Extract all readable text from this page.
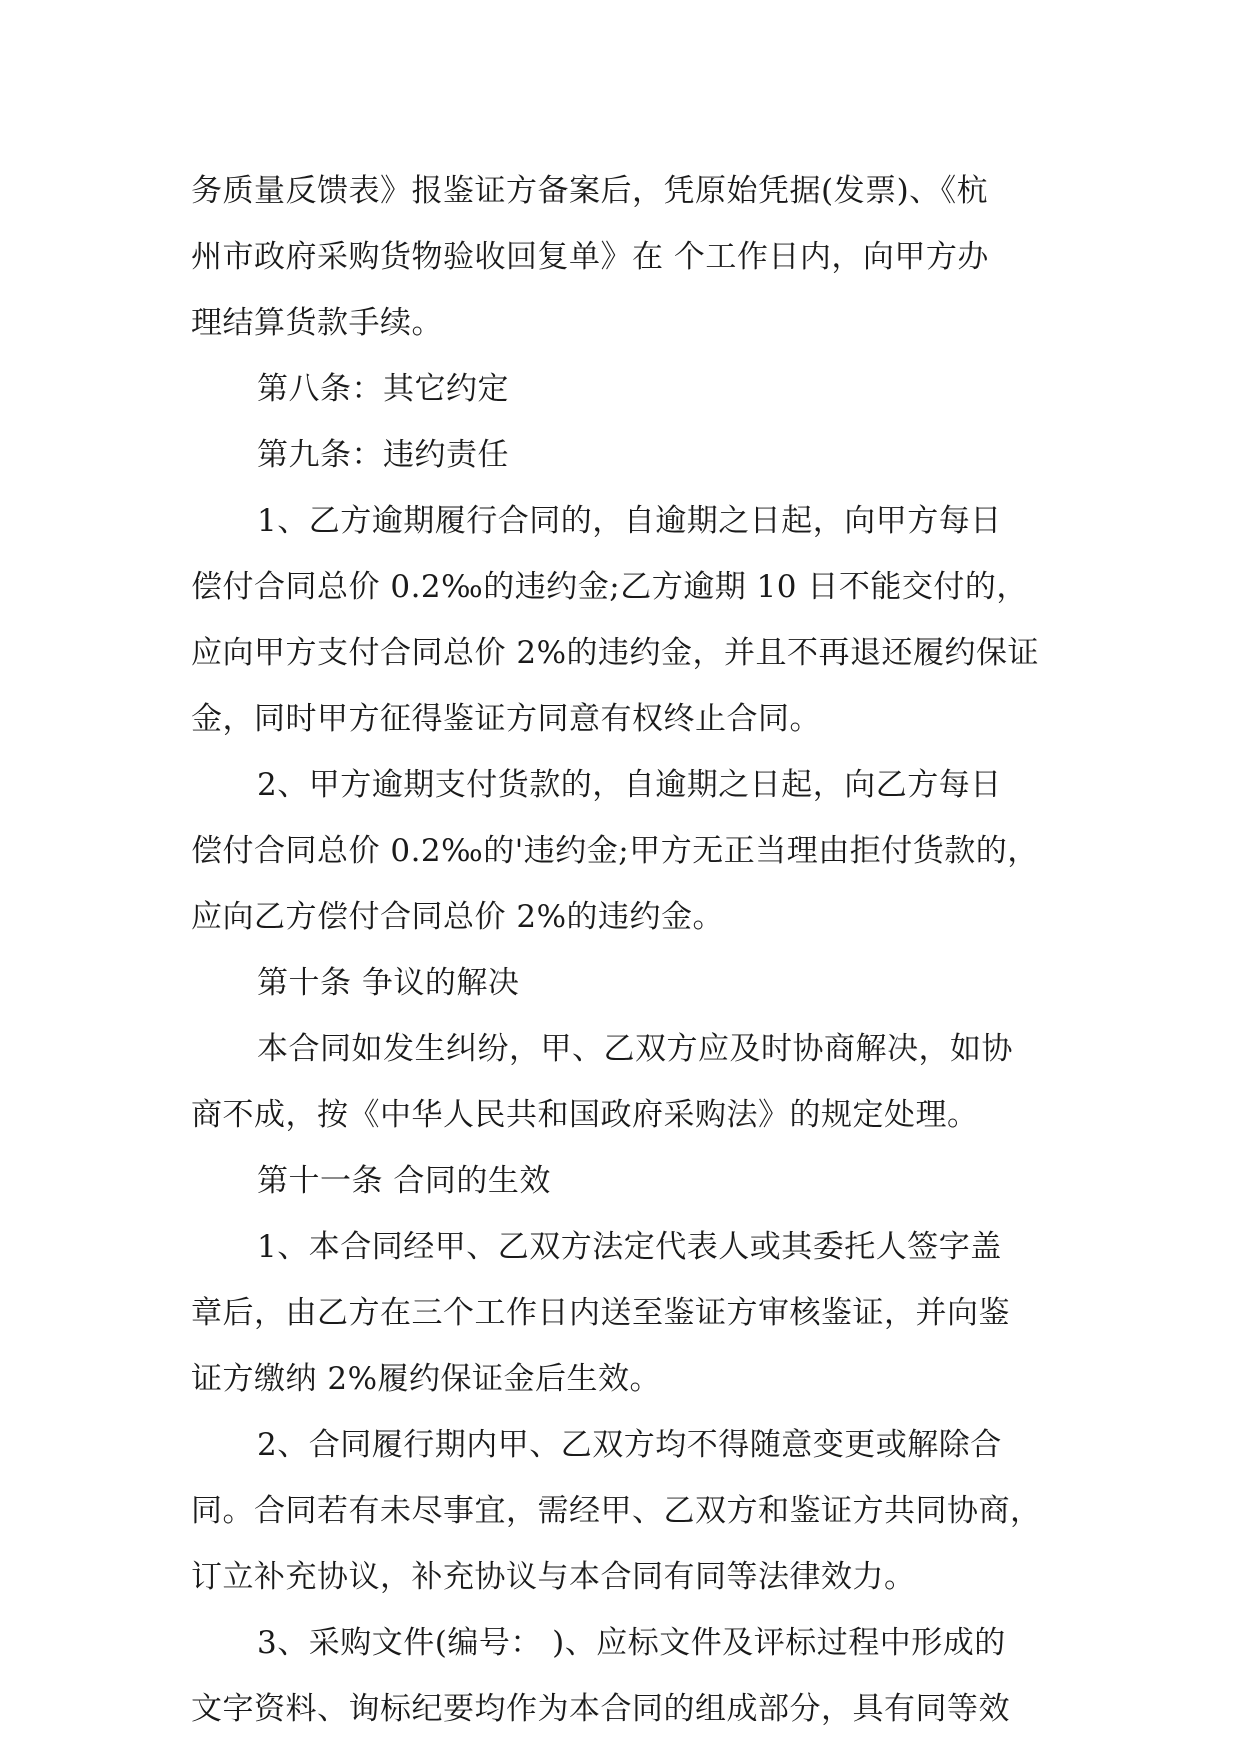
务质量反馈表》报鉴证方备案后，凭原始凭据(发票)、《杭
州市政府采购货物验收回复单》在 个工作日内，向甲方办
理结算货款手续。
第八条：其它约定
第九条：违约责任
1、乙方逾期履行合同的，自逾期之日起，向甲方每日
偿付合同总价 0.2‰的违约金;乙方逾期 10 日不能交付的，
应向甲方支付合同总价 2%的违约金，并且不再退还履约保证
金，同时甲方征得鉴证方同意有权终止合同。
2、甲方逾期支付货款的，自逾期之日起，向乙方每日
偿付合同总价 0.2‰的'违约金;甲方无正当理由拒付货款的，
应向乙方偿付合同总价 2%的违约金。
第十条 争议的解决
本合同如发生纠纷，甲、乙双方应及时协商解决，如协
商不成，按《中华人民共和国政府采购法》的规定处理。
第十一条 合同的生效
1、本合同经甲、乙双方法定代表人或其委托人签字盖
章后，由乙方在三个工作日内送至鉴证方审核鉴证，并向鉴
证方缴纳 2%履约保证金后生效。
2、合同履行期内甲、乙双方均不得随意变更或解除合
同。合同若有未尽事宜，需经甲、乙双方和鉴证方共同协商，
订立补充协议，补充协议与本合同有同等法律效力。
3、采购文件(编号： )、应标文件及评标过程中形成的
文字资料、询标纪要均作为本合同的组成部分，具有同等效
